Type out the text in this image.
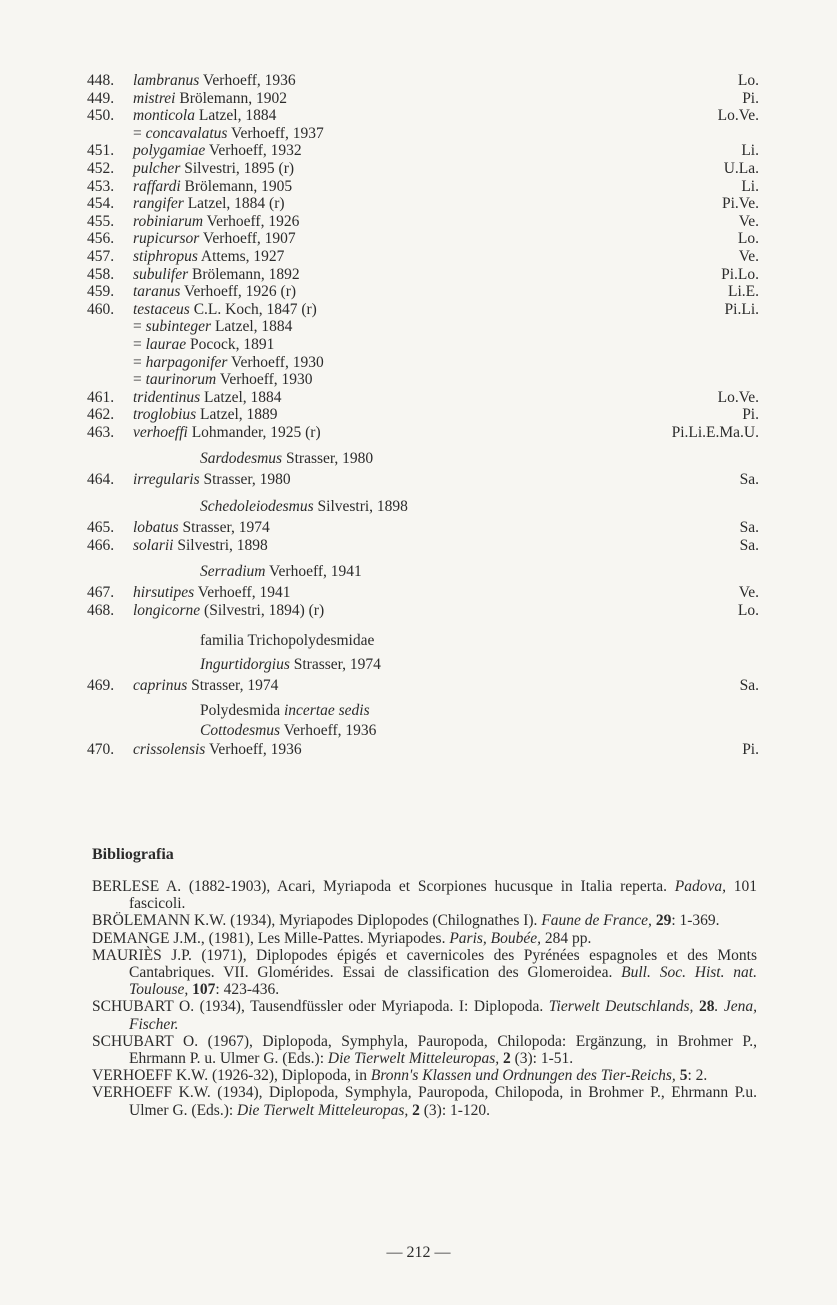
448.	lambranus Verhoeff, 1936	Lo.
449.	mistrei Brölemann, 1902	Pi.
450.	monticola Latzel, 1884	Lo.Ve.
= concavalatus Verhoeff, 1937
451.	polygamiae Verhoeff, 1932	Li.
452.	pulcher Silvestri, 1895 (r)	U.La.
453.	raffardi Brölemann, 1905	Li.
454.	rangifer Latzel, 1884 (r)	Pi.Ve.
455.	robiniarum Verhoeff, 1926	Ve.
456.	rupicursor Verhoeff, 1907	Lo.
457.	stiphropus Attems, 1927	Ve.
458.	subulifer Brölemann, 1892	Pi.Lo.
459.	taranus Verhoeff, 1926 (r)	Li.E.
460.	testaceus C.L. Koch, 1847 (r)	Pi.Li.
= subinteger Latzel, 1884
= laurae Pocock, 1891
= harpagonifer Verhoeff, 1930
= taurinorum Verhoeff, 1930
461.	tridentinus Latzel, 1884	Lo.Ve.
462.	troglobius Latzel, 1889	Pi.
463.	verhoeffi Lohmander, 1925 (r)	Pi.Li.E.Ma.U.
Sardodesmus Strasser, 1980
464.	irregularis Strasser, 1980	Sa.
Schedoleiodesmus Silvestri, 1898
465.	lobatus Strasser, 1974	Sa.
466.	solarii Silvestri, 1898	Sa.
Serradium Verhoeff, 1941
467.	hirsutipes Verhoeff, 1941	Ve.
468.	longicorne (Silvestri, 1894) (r)	Lo.
familia Trichopolydesmidae
Ingurtidorgius Strasser, 1974
469.	caprinus Strasser, 1974	Sa.
Polydesmida incertae sedis
Cottodesmus Verhoeff, 1936
470.	crissolensis Verhoeff, 1936	Pi.
Bibliografia

BERLESE A. (1882-1903), Acari, Myriapoda et Scorpiones hucusque in Italia reperta. Padova, 101 fascicoli.

BRÖLEMANN K.W. (1934), Myriapodes Diplopodes (Chilognathes I). Faune de France, 29: 1-369.

DEMANGE J.M., (1981), Les Mille-Pattes. Myriapodes. Paris, Boubée, 284 pp.

MAURIÈS J.P. (1971), Diplopodes épigés et cavernicoles des Pyrénées espagnoles et des Monts Cantabriques. VII. Glomérides. Essai de classification des Glomeroidea. Bull. Soc. Hist. nat. Toulouse, 107: 423-436.

SCHUBART O. (1934), Tausendfüssler oder Myriapoda. I: Diplopoda. Tierwelt Deutschlands, 28. Jena, Fischer.

SCHUBART O. (1967), Diplopoda, Symphyla, Pauropoda, Chilopoda: Ergänzung, in Brohmer P., Ehrmann P. u. Ulmer G. (Eds.): Die Tierwelt Mitteleuropas, 2 (3): 1-51.

VERHOEFF K.W. (1926-32), Diplopoda, in Bronn's Klassen und Ordnungen des Tier-Reichs, 5: 2.

VERHOEFF K.W. (1934), Diplopoda, Symphyla, Pauropoda, Chilopoda, in Brohmer P., Ehrmann P.u. Ulmer G. (Eds.): Die Tierwelt Mitteleuropas, 2 (3): 1-120.

— 212 —
